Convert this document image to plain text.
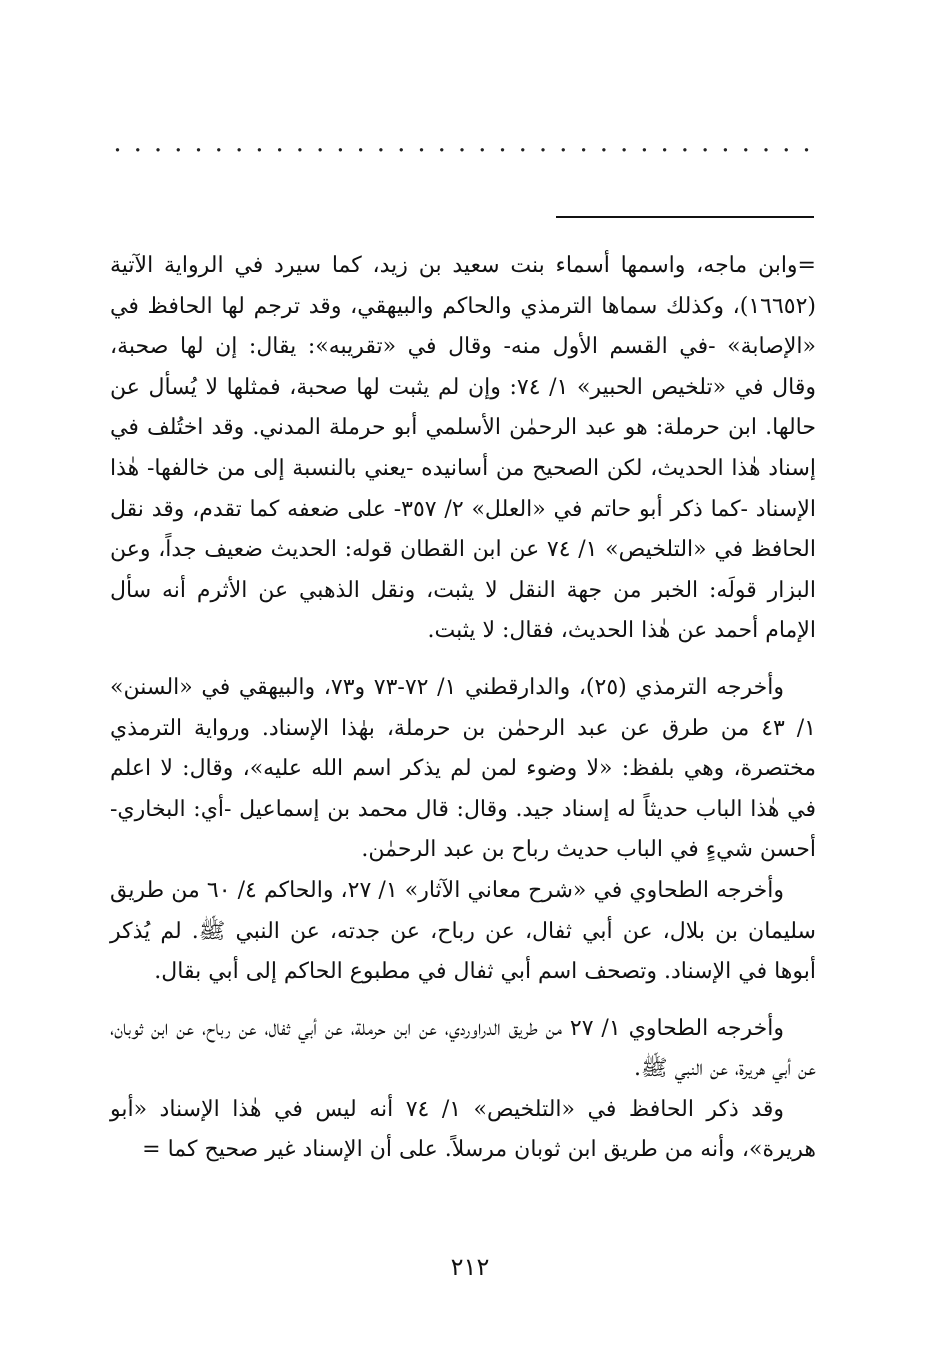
...................................

=وابن ماجه، واسمها أسماء بنت سعيد بن زيد، كما سيرد في الرواية الآتية (١٦٦٥٢)، وكذلك سماها الترمذي والحاكم والبيهقي، وقد ترجم لها الحافظ في «الإصابة» -في القسم الأول منه- وقال في «تقريبه»: يقال: إن لها صحبة، وقال في «تلخيص الحبير» ١/ ٧٤: وإن لم يثبت لها صحبة، فمثلها لا يُسأل عن حالها. ابن حرملة: هو عبد الرحمٰن الأسلمي أبو حرملة المدني. وقد اختُلف في إسناد هٰذا الحديث، لكن الصحيح من أسانيده -يعني بالنسبة إلى من خالفها- هٰذا الإسناد -كما ذكر أبو حاتم في «العلل» ٢/ ٣٥٧- على ضعفه كما تقدم، وقد نقل الحافظ في «التلخيص» ١/ ٧٤ عن ابن القطان قوله: الحديث ضعيف جداً، وعن البزار قولَه: الخبر من جهة النقل لا يثبت، ونقل الذهبي عن الأثرم أنه سأل الإمام أحمد عن هٰذا الحديث، فقال: لا يثبت.

وأخرجه الترمذي (٢٥)، والدارقطني ١/ ٧٢-٧٣ و٧٣، والبيهقي في «السنن» ١/ ٤٣ من طرق عن عبد الرحمٰن بن حرملة، بهٰذا الإسناد. ورواية الترمذي مختصرة، وهي بلفظ: «لا وضوء لمن لم يذكر اسم الله عليه»، وقال: لا اعلم في هٰذا الباب حديثاً له إسناد جيد. وقال: قال محمد بن إسماعيل -أي: البخاري- أحسن شيءٍ في الباب حديث رباح بن عبد الرحمٰن.

وأخرجه الطحاوي في «شرح معاني الآثار» ١/ ٢٧، والحاكم ٤/ ٦٠ من طريق سليمان بن بلال، عن أبي ثفال، عن رباح، عن جدته، عن النبي ﷺ. لم يُذكر أبوها في الإسناد. وتصحف اسم أبي ثفال في مطبوع الحاكم إلى أبي بقال.

وأخرجه الطحاوي ١/ ٢٧ من طريق الدراوردي، عن ابن حرملة، عن أبي ثفال، عن رباح، عن ابن ثوبان، عن أبي هريرة، عن النبي ﷺ.

وقد ذكر الحافظ في «التلخيص» ١/ ٧٤ أنه ليس في هٰذا الإسناد «أبو هريرة»، وأنه من طريق ابن ثوبان مرسلاً. على أن الإسناد غير صحيح كما =

٢١٢
